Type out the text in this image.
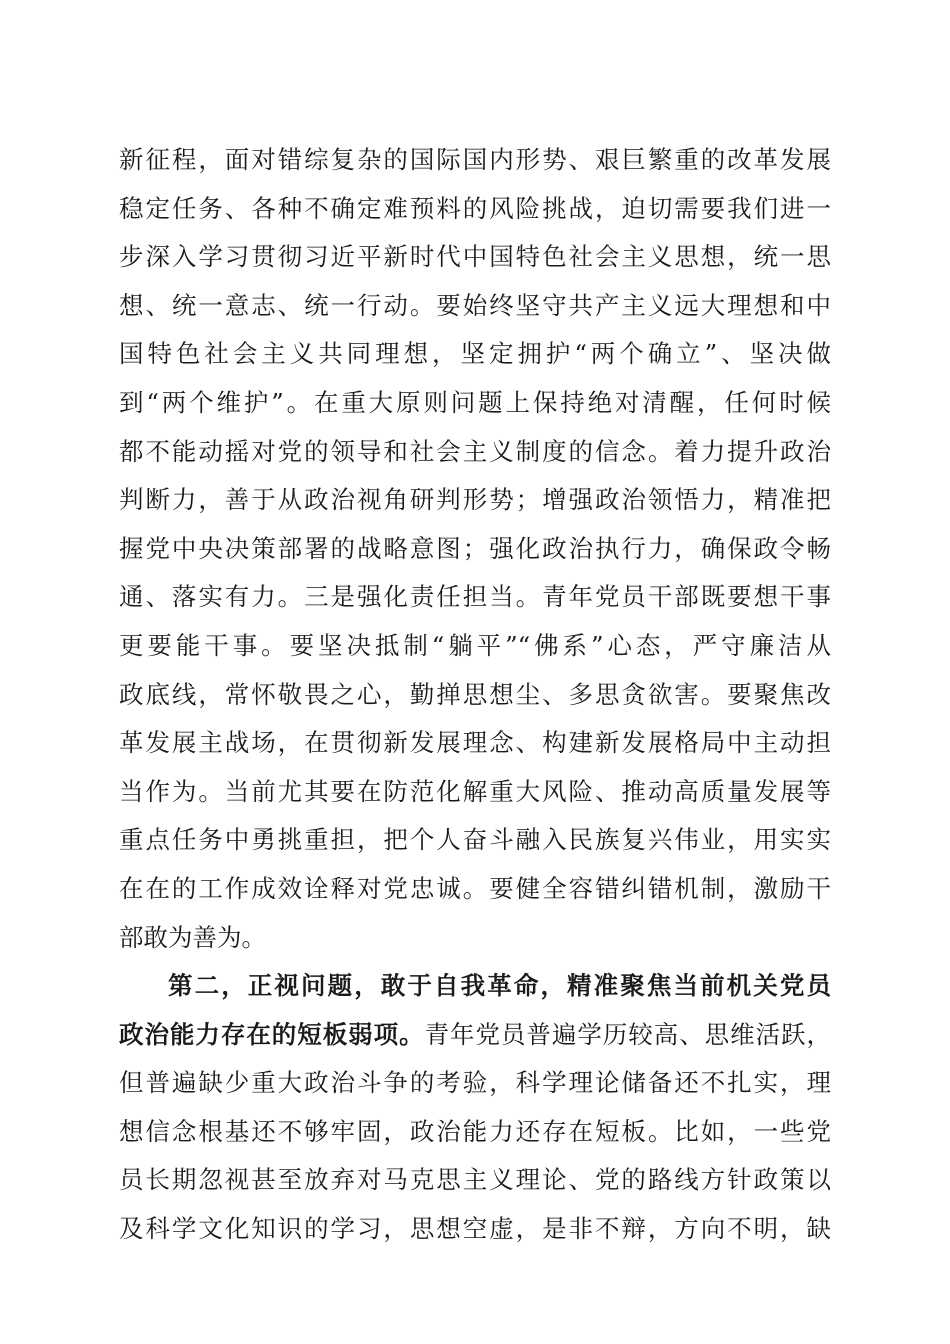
新征程，面对错综复杂的国际国内形势、艰巨繁重的改革发展
稳定任务、各种不确定难预料的风险挑战，迫切需要我们进一
步深入学习贯彻习近平新时代中国特色社会主义思想，统一思
想、统一意志、统一行动。要始终坚守共产主义远大理想和中
国特色社会主义共同理想，坚定拥护“两个确立”、坚决做
到“两个维护”。在重大原则问题上保持绝对清醒，任何时候
都不能动摇对党的领导和社会主义制度的信念。着力提升政治
判断力，善于从政治视角研判形势；增强政治领悟力，精准把
握党中央决策部署的战略意图；强化政治执行力，确保政令畅
通、落实有力。三是强化责任担当。青年党员干部既要想干事
更要能干事。要坚决抵制“躺平”“佛系”心态，严守廉洁从
政底线，常怀敬畏之心，勤掸思想尘、多思贪欲害。要聚焦改
革发展主战场，在贯彻新发展理念、构建新发展格局中主动担
当作为。当前尤其要在防范化解重大风险、推动高质量发展等
重点任务中勇挑重担，把个人奋斗融入民族复兴伟业，用实实
在在的工作成效诠释对党忠诚。要健全容错纠错机制，激励干
部敢为善为。
第二，正视问题，敢于自我革命，精准聚焦当前机关党员
政治能力存在的短板弱项。青年党员普遍学历较高、思维活跃，
但普遍缺少重大政治斗争的考验，科学理论储备还不扎实，理
想信念根基还不够牢固，政治能力还存在短板。比如，一些党
员长期忽视甚至放弃对马克思主义理论、党的路线方针政策以
及科学文化知识的学习，思想空虚，是非不辩，方向不明，缺
